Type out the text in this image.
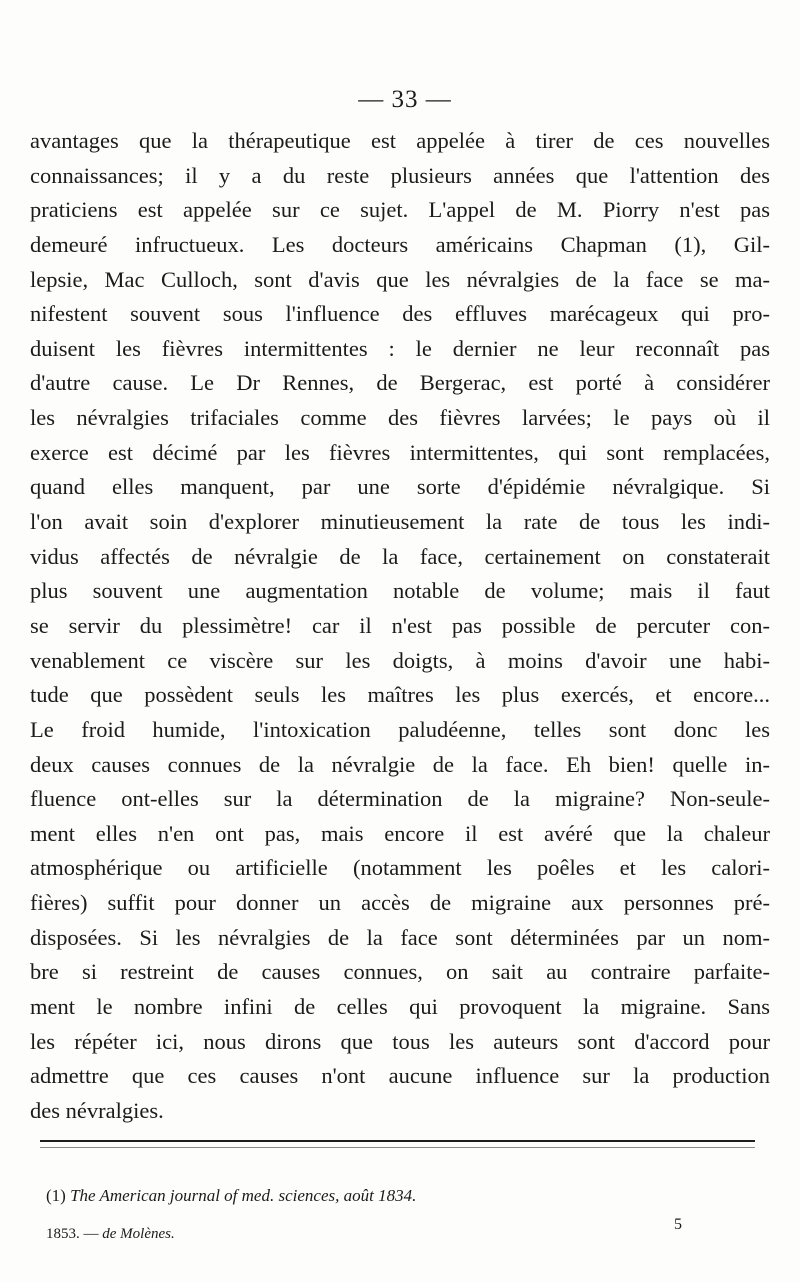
— 33 —
avantages que la thérapeutique est appelée à tirer de ces nouvelles
connaissances; il y a du reste plusieurs années que l'attention des
praticiens est appelée sur ce sujet. L'appel de M. Piorry n'est pas
demeuré infructueux. Les docteurs américains Chapman (1), Gil-
lepsie, Mac Culloch, sont d'avis que les névralgies de la face se ma-
nifestent souvent sous l'influence des effluves marécageux qui pro-
duisent les fièvres intermittentes : le dernier ne leur reconnaît pas
d'autre cause. Le Dr Rennes, de Bergerac, est porté à considérer
les névralgies trifaciales comme des fièvres larvées; le pays où il
exerce est décimé par les fièvres intermittentes, qui sont remplacées,
quand elles manquent, par une sorte d'épidémie névralgique. Si
l'on avait soin d'explorer minutieusement la rate de tous les indi-
vidus affectés de névralgie de la face, certainement on constaterait
plus souvent une augmentation notable de volume; mais il faut
se servir du plessimètre! car il n'est pas possible de percuter con-
venablement ce viscère sur les doigts, à moins d'avoir une habi-
tude que possèdent seuls les maîtres les plus exercés, et encore...
Le froid humide, l'intoxication paludéenne, telles sont donc les
deux causes connues de la névralgie de la face. Eh bien! quelle in-
fluence ont-elles sur la détermination de la migraine? Non-seule-
ment elles n'en ont pas, mais encore il est avéré que la chaleur
atmosphérique ou artificielle (notamment les poêles et les calori-
fières) suffit pour donner un accès de migraine aux personnes pré-
disposées. Si les névralgies de la face sont déterminées par un nom-
bre si restreint de causes connues, on sait au contraire parfaite-
ment le nombre infini de celles qui provoquent la migraine. Sans
les répéter ici, nous dirons que tous les auteurs sont d'accord pour
admettre que ces causes n'ont aucune influence sur la production
des névralgies.
(1) The American journal of med. sciences, août 1834.
1853. — de Molènes.
5
